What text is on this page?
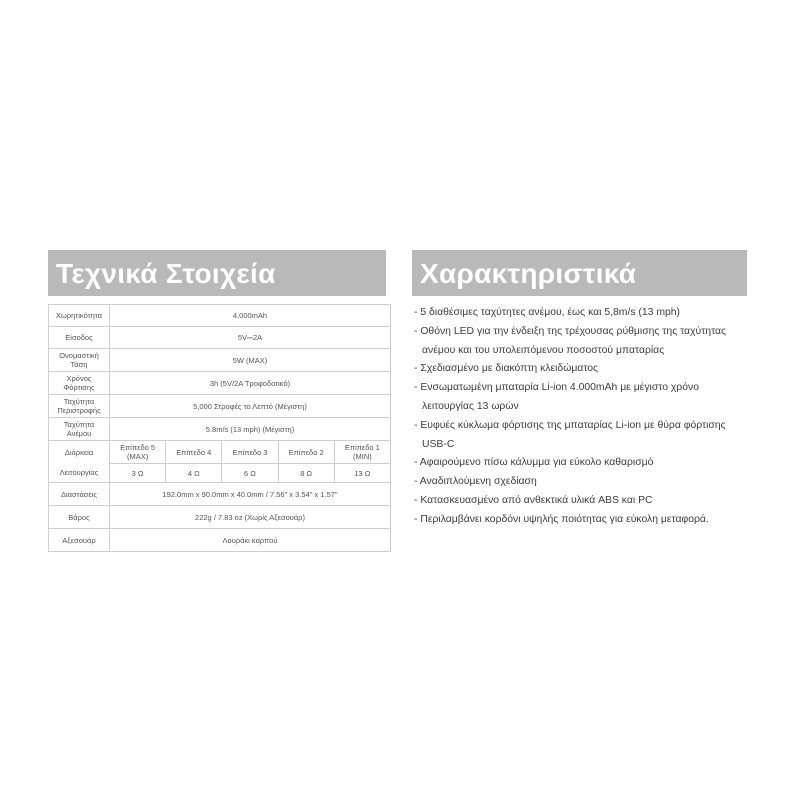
Τεχνικά Στοιχεία
Χωρητικότητα	4,000mAh				
Είσοδος	5V⎓2A				
Ονομαστική Τάση	5W (MAX)				
Χρόνος Φόρτισης	3h (5V/2A Τροφοδοτικό)				
Ταχύτητα Περιστροφής	5,000 Στροφές το Λεπτό (Μέγιστη)				
Ταχύτητα Ανέμου	5.8m/s (13 mph) (Μέγιστη)				
Διάρκεια	Επίπεδο 5 (MAX)	Επίπεδο 4	Επίπεδο 3	Επίπεδο 2	Επίπεδο 1 (MIN)
Λειτουργίας	3 Ω	4 Ω	6 Ω	8 Ω	13 Ω
Διαστάσεις	192.0mm x 90.0mm x 40.0mm / 7.56" x 3.54" x 1.57"				
Βάρος	222g / 7.83 oz (Χωρίς Αξεσουάρ)				
Αξεσουάρ	Λουράκι καρπού				
Χαρακτηριστικά
- 5 διαθέσιμες ταχύτητες ανέμου, έως και 5,8m/s (13 mph)
- Οθόνη LED για την ένδειξη της τρέχουσας ρύθμισης της ταχύτητας
ανέμου και του υπολειπόμενου ποσοστού μπαταρίας
- Σχεδιασμένο με διακόπτη κλειδώματος
- Ενσωματωμένη μπαταρία Li-ion 4.000mAh με μέγιστο χρόνο
λειτουργίας 13 ωρών
- Ευφυές κύκλωμα φόρτισης της μπαταρίας Li-ion με θύρα φόρτισης
USB-C
- Αφαιρούμενο πίσω κάλυμμα για εύκολο καθαρισμό
- Αναδιπλούμενη σχεδίαση
- Κατασκευασμένο από ανθεκτικά υλικά ABS και PC
- Περιλαμβάνει κορδόνι υψηλής ποιότητας για εύκολη μεταφορά.
